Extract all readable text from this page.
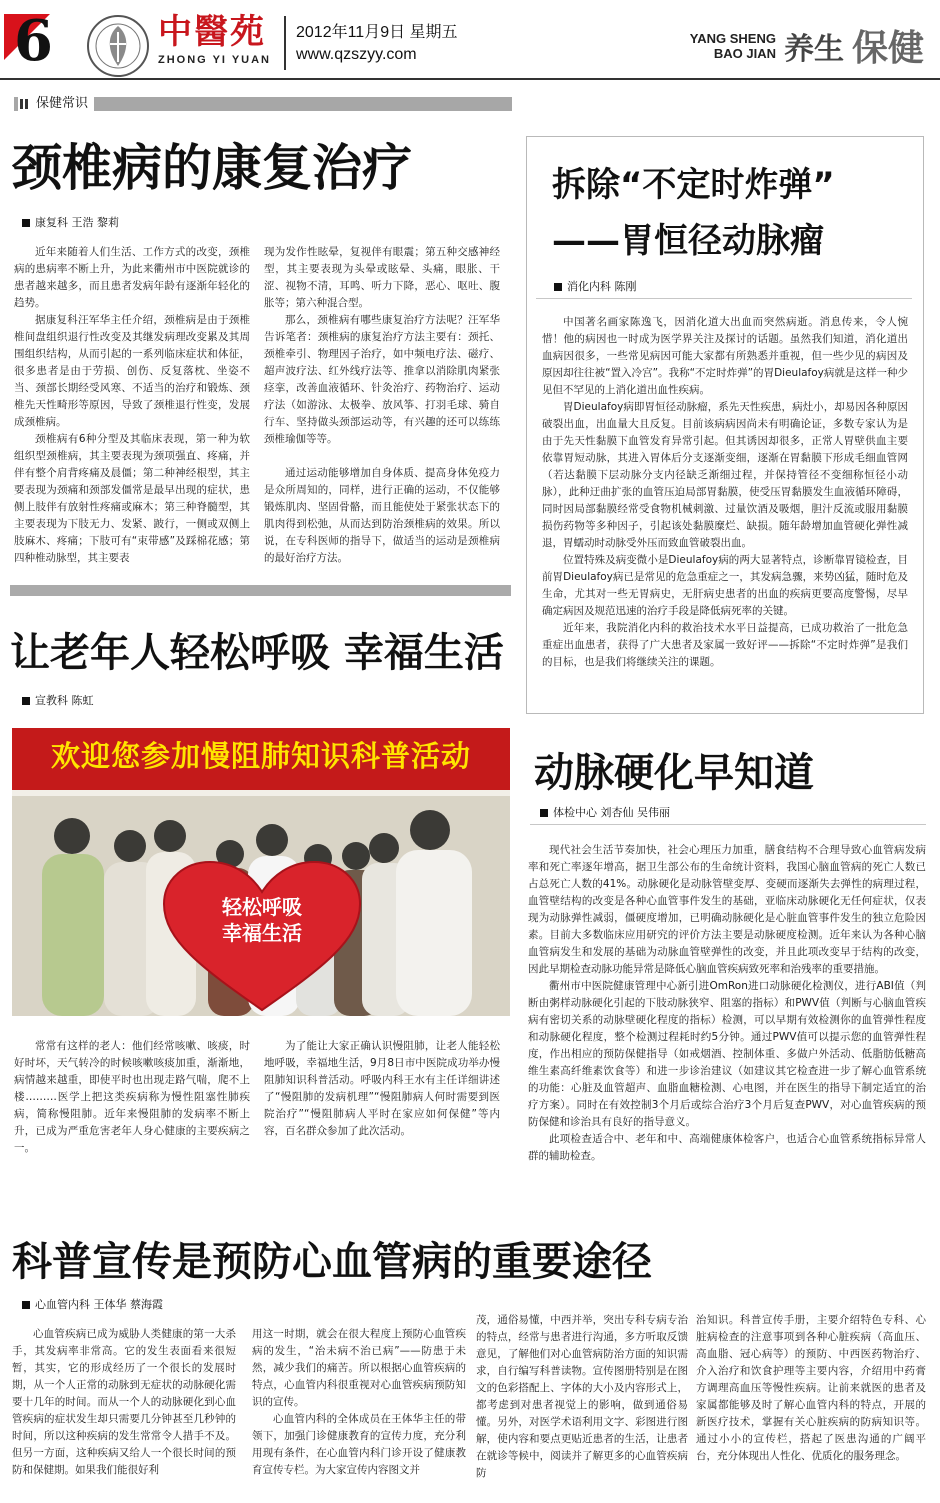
6	中醫苑
ZHONG YI YUAN
2012年11月9日 星期五
www.qzszyy.com
YANG SHENG
BAO JIAN 养生 保健
保健常识
颈椎病的康复治疗
康复科 王浩 黎莉

近年来随着人们生活、工作方式的改变，颈椎病的患病率不断上升，为此来衢州市中医院就诊的患者越来越多，而且患者发病年龄有逐渐年轻化的趋势。

据康复科汪军华主任介绍，颈椎病是由于颈椎椎间盘组织退行性改变及其继发病理改变累及其周围组织结构，从而引起的一系列临床症状和体征，很多患者是由于劳损、创伤、反复落枕、坐姿不当、颈部长期经受风寒、不适当的治疗和锻炼、颈椎先天性畸形等原因，导致了颈椎退行性变，发展成颈椎病。

颈椎病有6种分型及其临床表现，第一种为软组织型颈椎病，其主要表现为颈项强直、疼痛，并伴有整个肩背疼痛及晨僵；第二种神经根型，其主要表现为颈痛和颈部发僵常是最早出现的症状，患侧上肢伴有放射性疼痛或麻木；第三种脊髓型，其主要表现为下肢无力、发紧、跛行，一侧或双侧上肢麻木、疼痛；下肢可有“束带感”及踩棉花感；第四种椎动脉型，其主要表

现为发作性眩晕，复视伴有眼震；第五种交感神经型，其主要表现为头晕或眩晕、头痛，眼胀、干涩、视物不清，耳鸣、听力下降，恶心、呕吐、腹胀等；第六种混合型。

那么，颈椎病有哪些康复治疗方法呢？汪军华告诉笔者：颈椎病的康复治疗方法主要有：颈托、颈椎牵引、物理因子治疗，如中频电疗法、磁疗、超声波疗法、红外线疗法等、推拿以消除肌肉紧张痉挛，改善血液循环、针灸治疗、药物治疗、运动疗法（如游泳、太极拳、放风筝、打羽毛球、骑自行车、坚持做头颈部运动等，有兴趣的还可以练练颈椎瑜伽等等。

通过运动能够增加自身体质、提高身体免疫力是众所周知的，同样，进行正确的运动，不仅能够锻炼肌肉、坚固骨骼，而且能使处于紧张状态下的肌肉得到松弛，从而达到防治颈椎病的效果。所以说，在专科医师的指导下，做适当的运动是颈椎病的最好治疗方法。

拆除“不定时炸弹”
——胃恒径动脉瘤
消化内科 陈刚

中国著名画家陈逸飞，因消化道大出血而突然病逝。消息传来，令人惋惜！他的病因也一时成为医学界关注及探讨的话题。虽然我们知道，消化道出血病因很多，一些常见病因可能大家都有所熟悉并重视，但一些少见的病因及原因却往往被“置入冷宫”。我称“不定时炸弹”的胃Dieulafoy病就是这样一种少见但不罕见的上消化道出血性疾病。

胃Dieulafoy病即胃恒径动脉瘤，系先天性疾患，病灶小，却易因各种原因破裂出血，出血量大且反复。目前该病病因尚未有明确论证，多数专家认为是由于先天性黏膜下血管发育异常引起。但其诱因却很多，正常人胃壁供血主要依靠胃短动脉，其进入胃体后分支逐渐变细，逐渐在胃黏膜下形成毛细血管网（若达黏膜下层动脉分支内径缺乏渐细过程，并保持管径不变细称恒径小动脉），此种迂曲扩张的血管压迫局部胃黏膜，使受压胃黏膜发生血液循环障碍，同时因局部黏膜经常受食物机械刺激、过量饮酒及吸烟，胆汁反流或服用黏膜损伤药物等多种因子，引起该处黏膜糜烂、缺损。随年龄增加血管硬化弹性减退，胃蠕动时动脉受外压而致血管破裂出血。

位置特殊及病变微小是Dieulafoy病的两大显著特点，诊断靠胃镜检查，目前胃Dieulafoy病已是常见的危急重症之一，其发病急骤，来势凶猛，随时危及生命，尤其对一些无胃病史，无肝病史患者的出血的疾病更要高度警惕，尽早确定病因及规范迅速的治疗手段是降低病死率的关键。

近年来，我院消化内科的救治技术水平日益提高，已成功救治了一批危急重症出血患者，获得了广大患者及家属一致好评——拆除“不定时炸弹”是我们的目标，也是我们将继续关注的课题。

让老年人轻松呼吸 幸福生活
宣教科 陈虹
欢迎您参加慢阻肺知识科普活动
轻松呼吸
幸福生活

常常有这样的老人：他们经常咳嗽、咳痰，时好时坏，天气转冷的时候咳嗽咳痰加重，渐渐地，病情越来越重，即使平时也出现走路气喘，爬不上楼………医学上把这类疾病称为慢性阻塞性肺疾病，简称慢阻肺。近年来慢阻肺的发病率不断上升，已成为严重危害老年人身心健康的主要疾病之一。

为了能让大家正确认识慢阻肺，让老人能轻松地呼吸，幸福地生活，9月8日市中医院成功举办慢阻肺知识科普活动。呼吸内科王水有主任详细讲述了“慢阻肺的发病机理”“慢阻肺病人何时需要到医院治疗”“慢阻肺病人平时在家应如何保健”等内容，百名群众参加了此次活动。

动脉硬化早知道
体检中心 刘杏仙 吴伟丽

现代社会生活节奏加快，社会心理压力加重，膳食结构不合理导致心血管病发病率和死亡率逐年增高，据卫生部公布的生命统计资料，我国心脑血管病的死亡人数已占总死亡人数的41%。动脉硬化是动脉管壁变厚、变硬而逐渐失去弹性的病理过程，血管壁结构的改变是各种心血管事件发生的基础，亚临床动脉硬化无任何症状，仅表现为动脉弹性减弱，僵硬度增加，已明确动脉硬化是心脏血管事件发生的独立危险因素。目前大多数临床应用研究的评价方法主要是动脉硬度检测。近年来认为各种心脑血管病发生和发展的基础为动脉血管壁弹性的改变，并且此项改变早于结构的改变，因此早期检查动脉功能异常是降低心脑血管疾病致死率和治残率的重要措施。

衢州市中医院健康管理中心新引进OmRon进口动脉硬化检测仪，进行ABI值（判断由粥样动脉硬化引起的下肢动脉狭窄、阻塞的指标）和PWV值（判断与心脑血管疾病有密切关系的动脉壁硬化程度的指标）检测，可以早期有效检测你的血管弹性程度和动脉硬化程度，整个检测过程耗时约5分钟。通过PWV值可以提示您的血管弹性程度，作出相应的预防保健指导（如戒烟酒、控制体重、多做户外活动、低脂肪低糖高维生素高纤维素饮食等）和进一步诊治建议（如建议其它检查进一步了解心血管系统的功能：心脏及血管超声、血脂血糖检测、心电图，并在医生的指导下制定适宜的治疗方案）。同时在有效控制3个月后或综合治疗3个月后复查PWV，对心血管疾病的预防保健和诊治具有良好的指导意义。

此项检查适合中、老年和中、高端健康体检客户，也适合心血管系统指标异常人群的辅助检查。

科普宣传是预防心血管病的重要途径
心血管内科 王体华 蔡海霞

心血管疾病已成为威胁人类健康的第一大杀手，其发病率非常高。它的发生表面看来很短暂，其实，它的形成经历了一个很长的发展时期，从一个人正常的动脉到无症状的动脉硬化需要十几年的时间。而从一个人的动脉硬化到心血管疾病的症状发生却只需要几分钟甚至几秒钟的时间，所以这种疾病的发生常常令人措手不及。但另一方面，这种疾病又给人一个很长时间的预防和保健期。如果我们能很好利

用这一时期，就会在很大程度上预防心血管疾病的发生，“治未病不治已病”——防患于未然，减少我们的痛苦。所以根据心血管疾病的特点，心血管内科很重视对心血管疾病预防知识的宣传。

心血管内科的全体成员在王体华主任的带领下，加强门诊健康教育的宣传力度，充分利用现有条件，在心血管内科门诊开设了健康教育宣传专栏。为大家宣传内容图文并

茂，通俗易懂，中西并举，突出专科专病专治的特点，经常与患者进行沟通，多方听取反馈意见，了解他们对心血管病防治方面的知识需求，自行编写科普读物。宣传图册特别是在图文的色彩搭配上、字体的大小及内容形式上，都考虑到对患者视觉上的影响，做到通俗易懂。另外，对医学术语利用文字、彩图进行图解，使内容和要点更贴近患者的生活，让患者在就诊等候中，阅读并了解更多的心血管疾病防

治知识。科普宣传手册，主要介绍特色专科、心脏病检查的注意事项到各种心脏疾病（高血压、高血脂、冠心病等）的预防、中西医药物治疗、介入治疗和饮食护理等主要内容，介绍用中药膏方调理高血压等慢性疾病。让前来就医的患者及家属都能够及时了解心血管内科的特点，开展的新医疗技术，掌握有关心脏疾病的防病知识等。通过小小的宣传栏，搭起了医患沟通的广阔平台，充分体现出人性化、优质化的服务理念。
